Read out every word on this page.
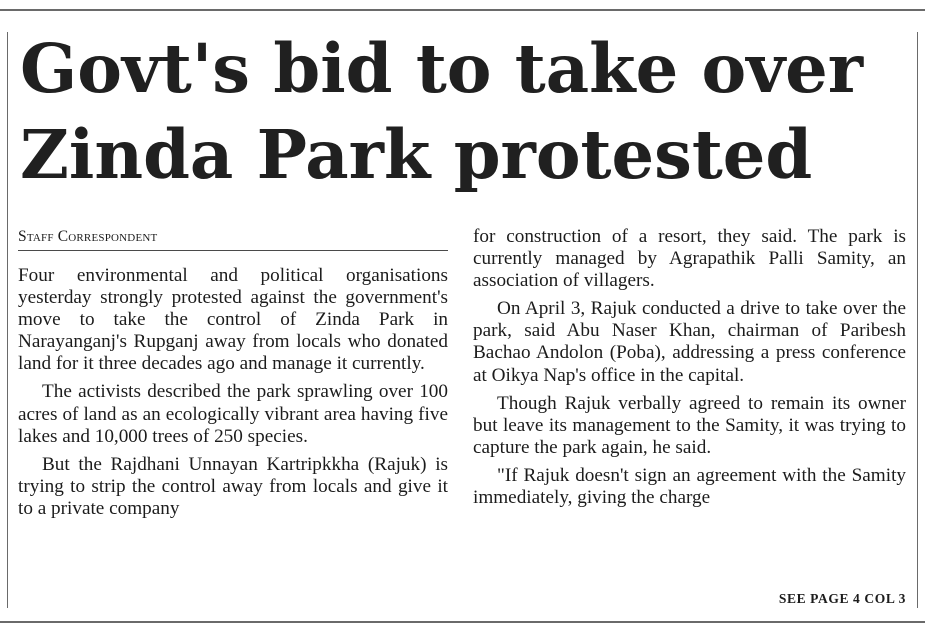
Govt's bid to take over
Zinda Park protested
Staff Correspondent

Four environmental and political organisations yesterday strongly protested against the government's move to take the control of Zinda Park in Narayanganj's Rupganj away from locals who donated land for it three decades ago and manage it currently.

The activists described the park sprawling over 100 acres of land as an ecologically vibrant area having five lakes and 10,000 trees of 250 species.

But the Rajdhani Unnayan Kartripkkha (Rajuk) is trying to strip the control away from locals and give it to a private company

for construction of a resort, they said. The park is currently managed by Agrapathik Palli Samity, an association of villagers.

On April 3, Rajuk conducted a drive to take over the park, said Abu Naser Khan, chairman of Paribesh Bachao Andolon (Poba), addressing a press conference at Oikya Nap's office in the capital.

Though Rajuk verbally agreed to remain its owner but leave its management to the Samity, it was trying to capture the park again, he said.

"If Rajuk doesn't sign an agreement with the Samity immediately, giving the charge

SEE PAGE 4 COL 3
